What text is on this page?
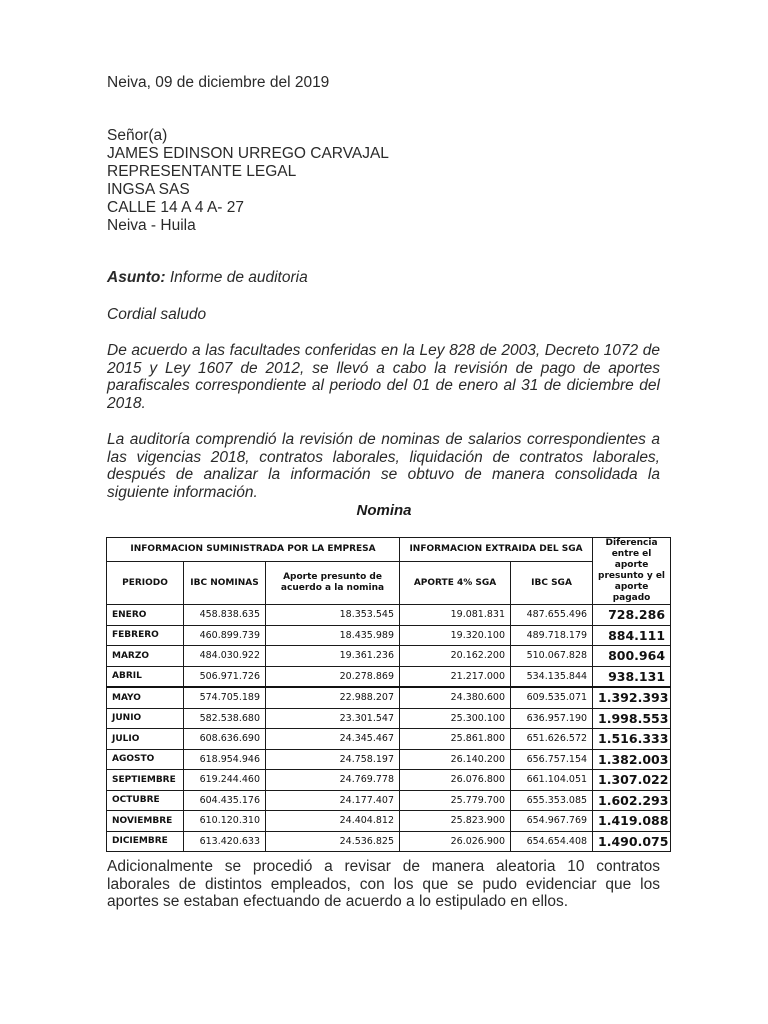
Neiva, 09 de diciembre del 2019
Señor(a)
JAMES EDINSON URREGO CARVAJAL
REPRESENTANTE LEGAL
INGSA SAS
CALLE 14 A 4 A- 27
Neiva - Huila
Asunto: Informe de auditoria
Cordial saludo
De acuerdo a las facultades conferidas en la Ley 828 de 2003, Decreto 1072 de 2015 y Ley 1607 de 2012, se llevó a cabo la revisión de pago de aportes parafiscales correspondiente al periodo del 01 de enero al 31 de diciembre del 2018.
La auditoría comprendió la revisión de nominas de salarios correspondientes a las vigencias 2018, contratos laborales, liquidación de contratos laborales, después de analizar la información se obtuvo de manera consolidada la siguiente información.
Nomina
INFORMACION SUMINISTRADA POR LA EMPRESA			INFORMACION EXTRAIDA DEL SGA		Diferencia entre el aporte presunto y el aporte pagado
PERIODO	IBC NOMINAS	Aporte presunto de acuerdo a la nomina	APORTE 4% SGA	IBC SGA	
ENERO	458.838.635	18.353.545	19.081.831	487.655.496	728.286
FEBRERO	460.899.739	18.435.989	19.320.100	489.718.179	884.111
MARZO	484.030.922	19.361.236	20.162.200	510.067.828	800.964
ABRIL	506.971.726	20.278.869	21.217.000	534.135.844	938.131
MAYO	574.705.189	22.988.207	24.380.600	609.535.071	1.392.393
JUNIO	582.538.680	23.301.547	25.300.100	636.957.190	1.998.553
JULIO	608.636.690	24.345.467	25.861.800	651.626.572	1.516.333
AGOSTO	618.954.946	24.758.197	26.140.200	656.757.154	1.382.003
SEPTIEMBRE	619.244.460	24.769.778	26.076.800	661.104.051	1.307.022
OCTUBRE	604.435.176	24.177.407	25.779.700	655.353.085	1.602.293
NOVIEMBRE	610.120.310	24.404.812	25.823.900	654.967.769	1.419.088
DICIEMBRE	613.420.633	24.536.825	26.026.900	654.654.408	1.490.075
Adicionalmente se procedió a revisar de manera aleatoria 10 contratos laborales de distintos empleados, con los que se pudo evidenciar que los aportes se estaban efectuando de acuerdo a lo estipulado en ellos.
